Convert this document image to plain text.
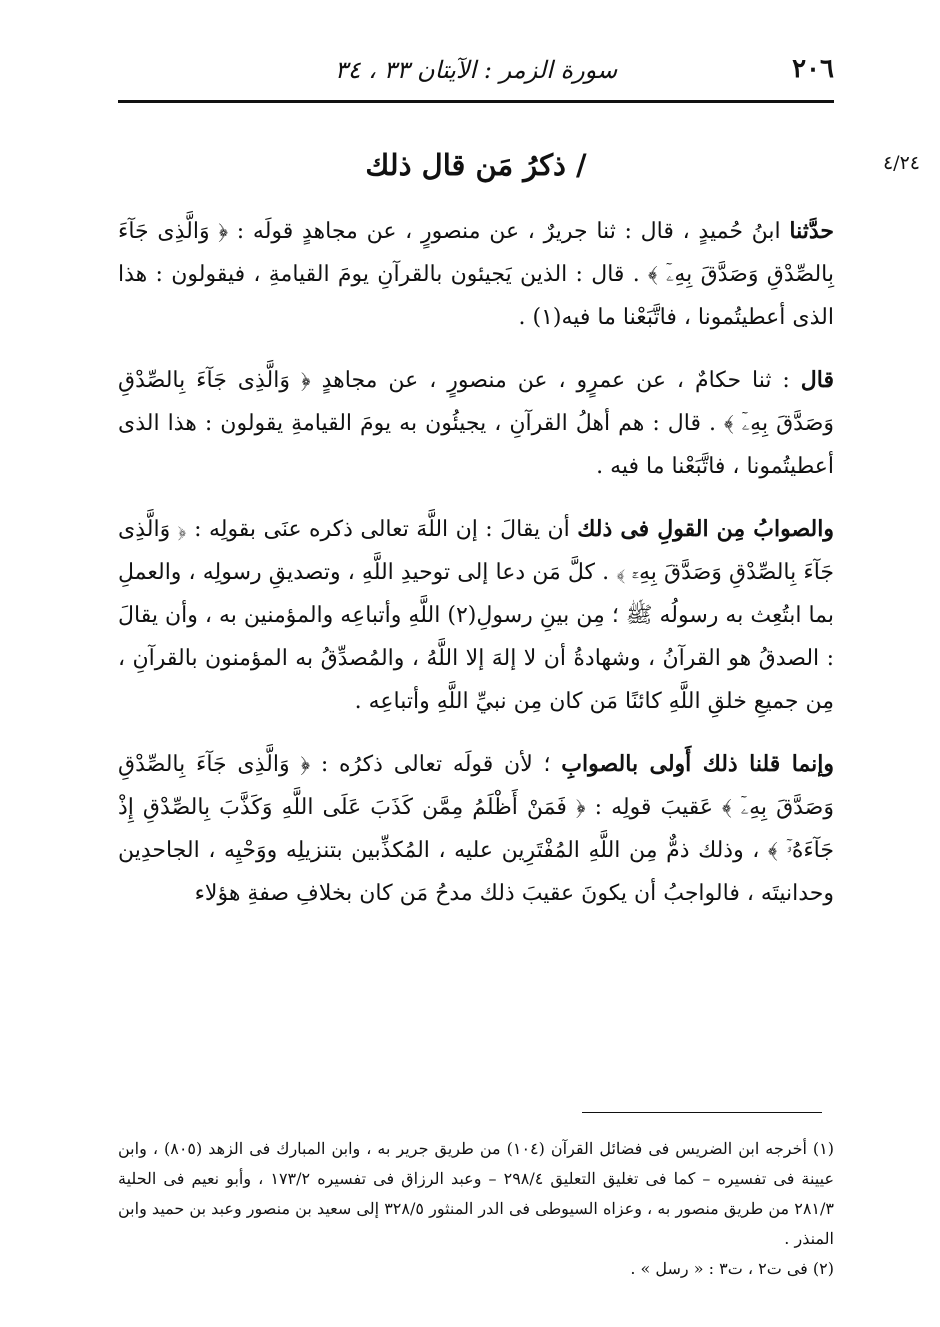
٢٠٦
سورة الزمر : الآيتان ٣٣ ، ٣٤
٤/٢٤
/ ذكرُ مَن قال ذلك

حدَّثنا ابنُ حُميدٍ ، قال : ثنا جريرٌ ، عن منصورٍ ، عن مجاهدٍ قولَه : ﴿ وَالَّذِى جَآءَ بِالصِّدْقِ وَصَدَّقَ بِهِۦٓ ﴾ . قال : الذين يَجيئون بالقرآنِ يومَ القيامةِ ، فيقولون : هذا الذى أعطيتُمونا ، فاتَّبَعْنا ما فيه(١) .

قال : ثنا حكامٌ ، عن عمرٍو ، عن منصورٍ ، عن مجاهدٍ ﴿ وَالَّذِى جَآءَ بِالصِّدْقِ وَصَدَّقَ بِهِۦٓ ﴾ . قال : هم أهلُ القرآنِ ، يجيئُون به يومَ القيامةِ يقولون : هذا الذى أعطيتُمونا ، فاتَّبَعْنا ما فيه .

والصوابُ مِن القولِ فى ذلك أن يقالَ : إن اللَّهَ تعالى ذكره عنَى بقولِه : ﴿ وَالَّذِى جَآءَ بِالصِّدْقِ وَصَدَّقَ بِهِۦٓ ﴾ . كلَّ مَن دعا إلى توحيدِ اللَّهِ ، وتصديقِ رسولِه ، والعملِ بما ابتُعِث به رسولُه ﷺ ؛ مِن بينِ رسولِ(٢) اللَّهِ وأتباعِه والمؤمنين به ، وأن يقالَ : الصدقُ هو القرآنُ ، وشهادةُ أن لا إلهَ إلا اللَّهُ ، والمُصدِّقُ به المؤمنون بالقرآنِ ، مِن جميعِ خلقِ اللَّهِ كائنًا مَن كان مِن نبيِّ اللَّهِ وأتباعِه .

وإنما قلنا ذلك أَولى بالصوابِ ؛ لأن قولَه تعالى ذكرُه : ﴿ وَالَّذِى جَآءَ بِالصِّدْقِ وَصَدَّقَ بِهِۦٓ ﴾ عَقيبَ قولِه : ﴿ فَمَنْ أَظْلَمُ مِمَّن كَذَبَ عَلَى اللَّهِ وَكَذَّبَ بِالصِّدْقِ إِذْ جَآءَهُۥٓ ﴾ ، وذلك ذمٌّ مِن اللَّهِ المُفْتَرِين عليه ، المُكذِّبين بتنزيلِه ووَحْيِه ، الجاحدِين وحدانيتَه ، فالواجبُ أن يكونَ عقيبَ ذلك مدحُ مَن كان بخلافِ صفةِ هؤلاء

(١) أخرجه ابن الضريس فى فضائل القرآن (١٠٤) من طريق جرير به ، وابن المبارك فى الزهد (٨٠٥) ، وابن عيينة فى تفسيره – كما فى تغليق التعليق ٢٩٨/٤ – وعبد الرزاق فى تفسيره ١٧٣/٢ ، وأبو نعيم فى الحلية ٢٨١/٣ من طريق منصور به ، وعزاه السيوطى فى الدر المنثور ٣٢٨/٥ إلى سعيد بن منصور وعبد بن حميد وابن المنذر .

(٢) فى ت٢ ، ت٣ : « رسل » .
